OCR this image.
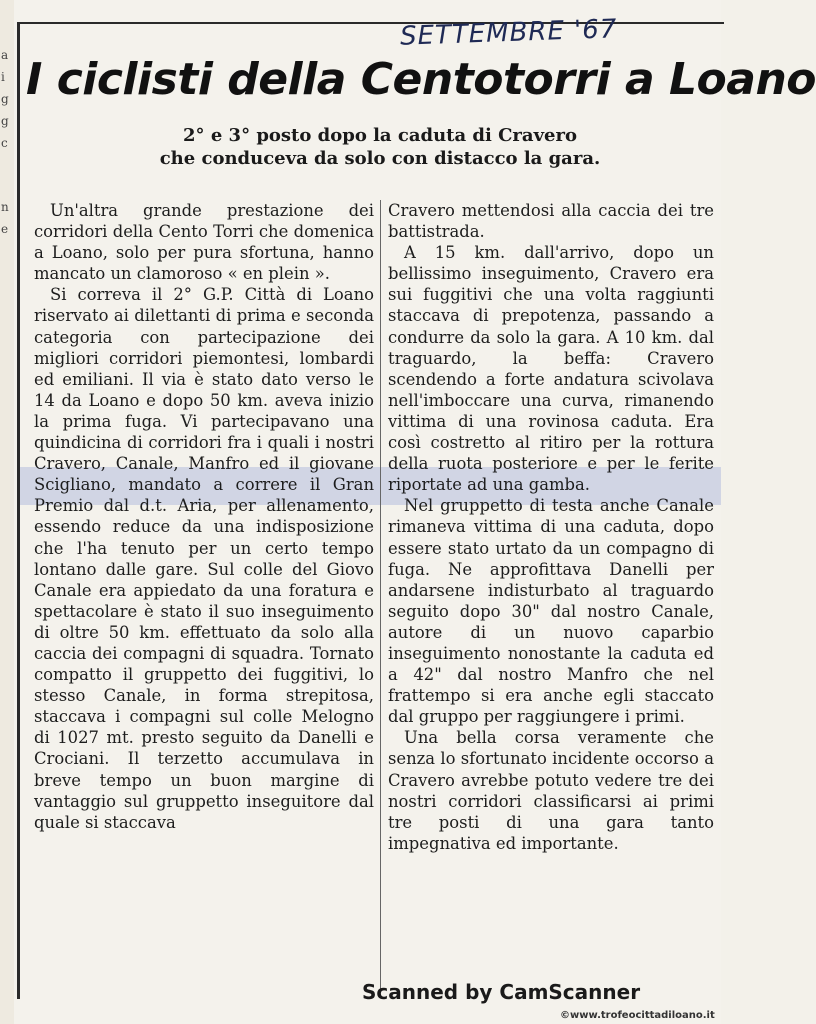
a
i
g
g
c
n
e
SETTEMBRE '67
I ciclisti della Centotorri a Loano
2° e 3° posto dopo la caduta di Cravero
che conduceva da solo con distacco la gara.

Un'altra grande prestazione dei corridori della Cento Torri che domenica a Loano, solo per pura sfortuna, hanno mancato un clamoroso « en plein ».

Si correva il 2° G.P. Città di Loano riservato ai dilettanti di prima e seconda categoria con partecipazione dei migliori corridori piemontesi, lombardi ed emiliani. Il via è stato dato verso le 14 da Loano e dopo 50 km. aveva inizio la prima fuga. Vi partecipavano una quindicina di corridori fra i quali i nostri Cravero, Canale, Manfro ed il giovane Scigliano, mandato a correre il Gran Premio dal d.t. Aria, per allenamento, essendo reduce da una indisposizione che l'ha tenuto per un certo tempo lontano dalle gare. Sul colle del Giovo Canale era appiedato da una foratura e spettacolare è stato il suo inseguimento di oltre 50 km. effettuato da solo alla caccia dei compagni di squadra. Tornato compatto il gruppetto dei fuggitivi, lo stesso Canale, in forma strepitosa, staccava i compagni sul colle Melogno di 1027 mt. presto seguito da Danelli e Crociani. Il terzetto accumulava in breve tempo un buon margine di vantaggio sul gruppetto inseguitore dal quale si staccava

Cravero mettendosi alla caccia dei tre battistrada.

A 15 km. dall'arrivo, dopo un bellissimo inseguimento, Cravero era sui fuggitivi che una volta raggiunti staccava di prepotenza, passando a condurre da solo la gara. A 10 km. dal traguardo, la beffa: Cravero scendendo a forte andatura scivolava nell'imboccare una curva, rimanendo vittima di una rovinosa caduta. Era così costretto al ritiro per la rottura della ruota posteriore e per le ferite riportate ad una gamba.

Nel gruppetto di testa anche Canale rimaneva vittima di una caduta, dopo essere stato urtato da un compagno di fuga. Ne approfittava Danelli per andarsene indisturbato al traguardo seguito dopo 30" dal nostro Canale, autore di un nuovo caparbio inseguimento nonostante la caduta ed a 42" dal nostro Manfro che nel frattempo si era anche egli staccato dal gruppo per raggiungere i primi.

Una bella corsa veramente che senza lo sfortunato incidente occorso a Cravero avrebbe potuto vedere tre dei nostri corridori classificarsi ai primi tre posti di una gara tanto impegnativa ed importante.

Scanned by CamScanner
©www.trofeocittadiloano.it
